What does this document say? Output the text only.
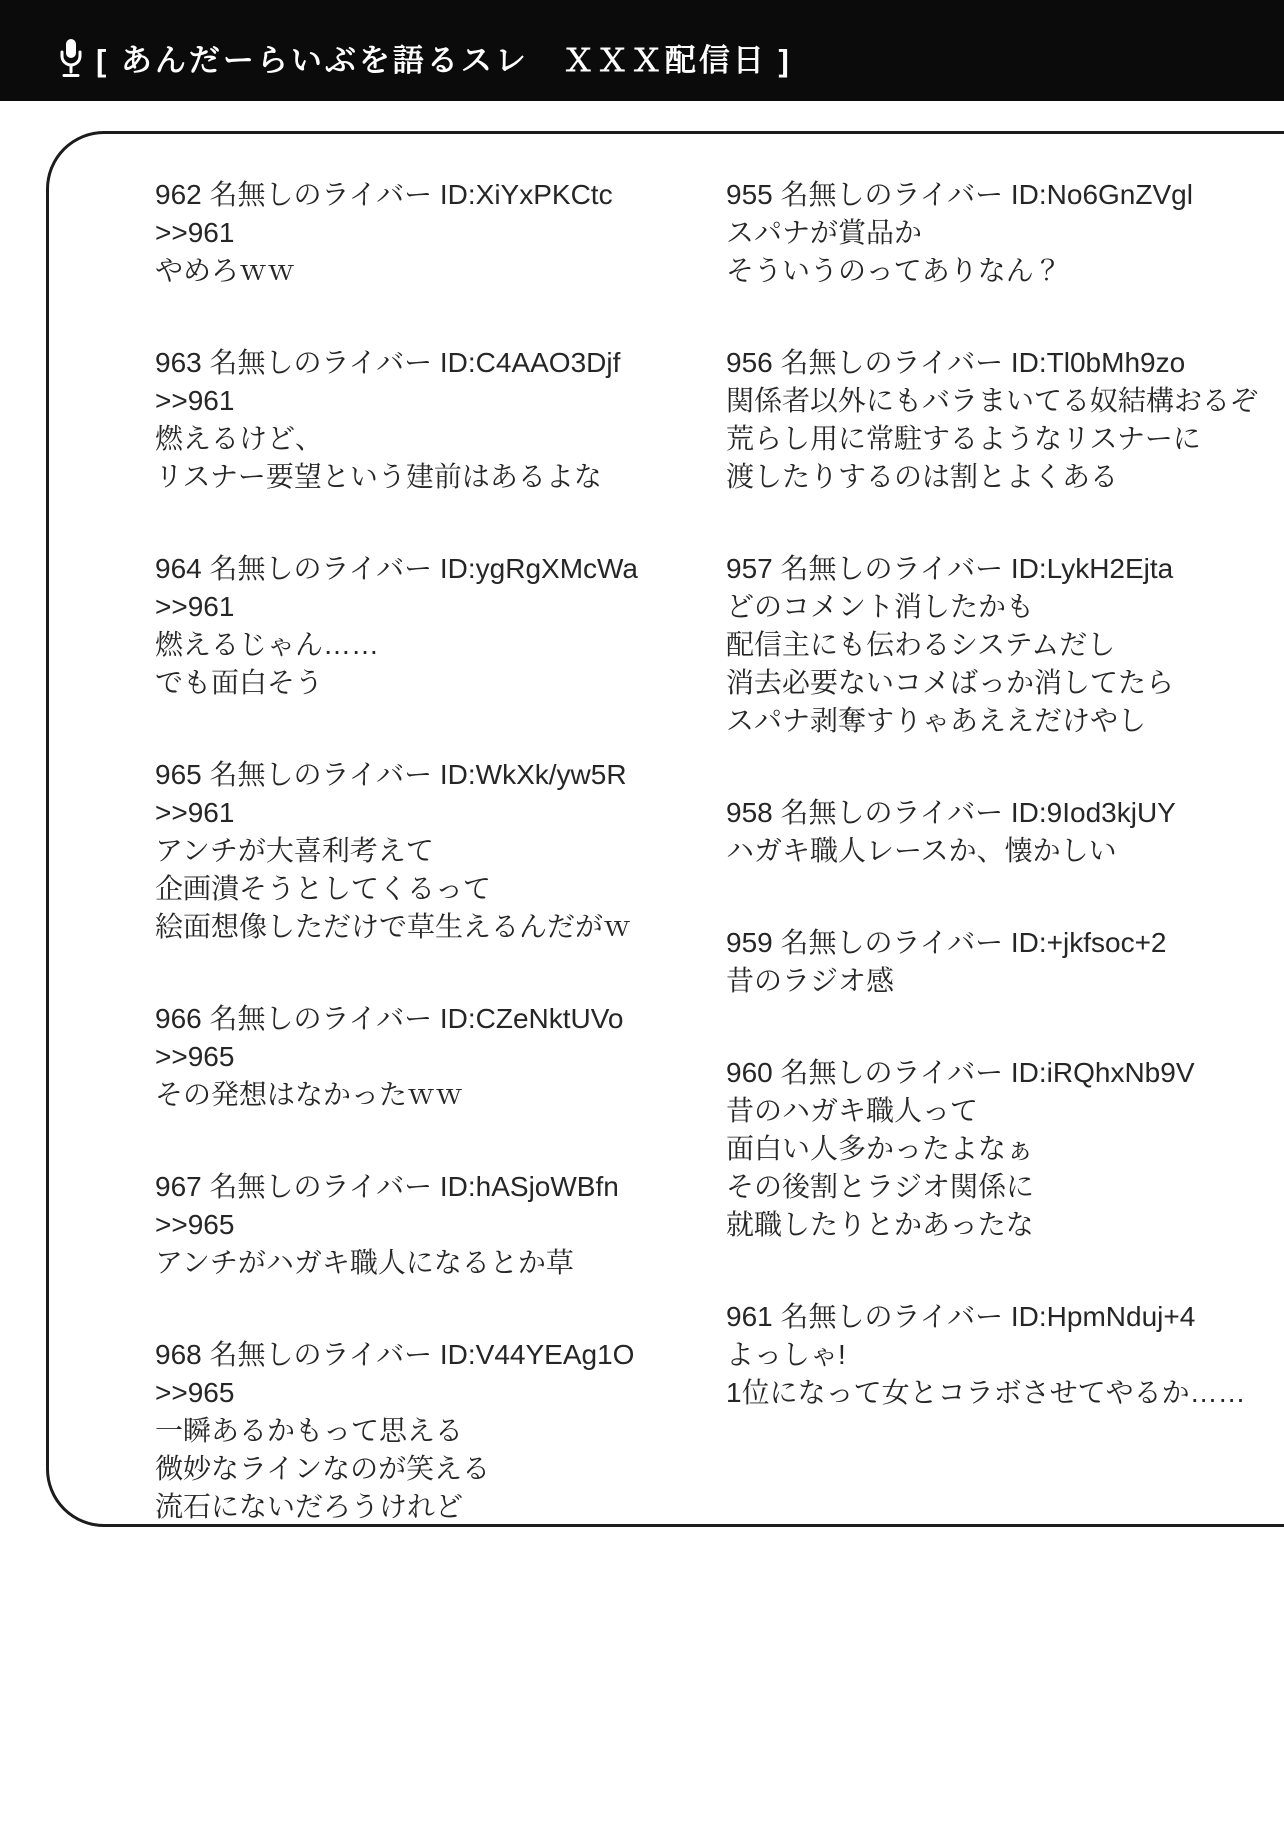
[ あんだーらいぶを語るスレ　ＸＸＸ配信日 ]
962 名無しのライバー ID:XiYxPKCtc
>>961
やめろｗｗ
963 名無しのライバー ID:C4AAO3Djf
>>961
燃えるけど、
リスナー要望という建前はあるよな
964 名無しのライバー ID:ygRgXMcWa
>>961
燃えるじゃん……
でも面白そう
965 名無しのライバー ID:WkXk/yw5R
>>961
アンチが大喜利考えて
企画潰そうとしてくるって
絵面想像しただけで草生えるんだがｗ
966 名無しのライバー ID:CZeNktUVo
>>965
その発想はなかったｗｗ
967 名無しのライバー ID:hASjoWBfn
>>965
アンチがハガキ職人になるとか草
968 名無しのライバー ID:V44YEAg1O
>>965
一瞬あるかもって思える
微妙なラインなのが笑える
流石にないだろうけれど
955 名無しのライバー ID:No6GnZVgl
スパナが賞品か
そういうのってありなん？
956 名無しのライバー ID:Tl0bMh9zo
関係者以外にもバラまいてる奴結構おるぞ
荒らし用に常駐するようなリスナーに
渡したりするのは割とよくある
957 名無しのライバー ID:LykH2Ejta
どのコメント消したかも
配信主にも伝わるシステムだし
消去必要ないコメばっか消してたら
スパナ剥奪すりゃあええだけやし
958 名無しのライバー ID:9Iod3kjUY
ハガキ職人レースか、懐かしい
959 名無しのライバー ID:+jkfsoc+2
昔のラジオ感
960 名無しのライバー ID:iRQhxNb9V
昔のハガキ職人って
面白い人多かったよなぁ
その後割とラジオ関係に
就職したりとかあったな
961 名無しのライバー ID:HpmNduj+4
よっしゃ!
1位になって女とコラボさせてやるか……
